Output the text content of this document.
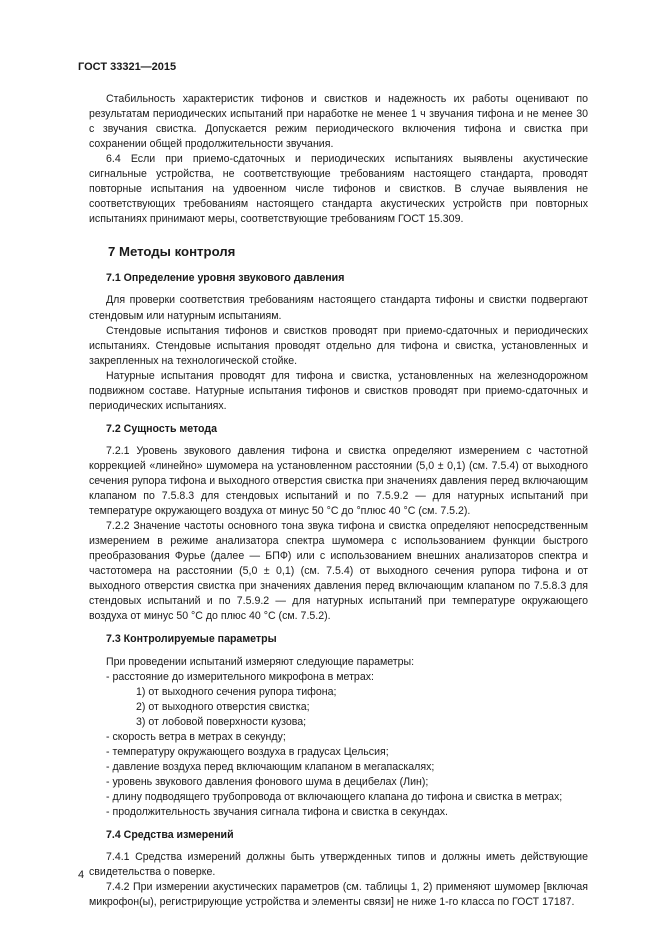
ГОСТ 33321—2015

Стабильность характеристик тифонов и свистков и надежность их работы оценивают по результатам периодических испытаний при наработке не менее 1 ч звучания тифона и не менее 30 с звучания свистка. Допускается режим периодического включения тифона и свистка при сохранении общей продолжительности звучания.

6.4 Если при приемо-сдаточных и периодических испытаниях выявлены акустические сигнальные устройства, не соответствующие требованиям настоящего стандарта, проводят повторные испытания на удвоенном числе тифонов и свистков. В случае выявления не соответствующих требованиям настоящего стандарта акустических устройств при повторных испытаниях принимают меры, соответствующие требованиям ГОСТ 15.309.

7 Методы контроля
7.1 Определение уровня звукового давления

Для проверки соответствия требованиям настоящего стандарта тифоны и свистки подвергают стендовым или натурным испытаниям.

Стендовые испытания тифонов и свистков проводят при приемо-сдаточных и периодических испытаниях. Стендовые испытания проводят отдельно для тифона и свистка, установленных и закрепленных на технологической стойке.

Натурные испытания проводят для тифона и свистка, установленных на железнодорожном подвижном составе. Натурные испытания тифонов и свистков проводят при приемо-сдаточных и периодических испытаниях.

7.2 Сущность метода

7.2.1 Уровень звукового давления тифона и свистка определяют измерением с частотной коррекцией «линейно» шумомера на установленном расстоянии (5,0 ± 0,1) (см. 7.5.4) от выходного сечения рупора тифона и выходного отверстия свистка при значениях давления перед включающим клапаном по 7.5.8.3 для стендовых испытаний и по 7.5.9.2 — для натурных испытаний при температуре окружающего воздуха от минус 50 °С до °плюс 40 °С (см. 7.5.2).

7.2.2 Значение частоты основного тона звука тифона и свистка определяют непосредственным измерением в режиме анализатора спектра шумомера с использованием функции быстрого преобразования Фурье (далее — БПФ) или с использованием внешних анализаторов спектра и частотомера на расстоянии (5,0 ± 0,1) (см. 7.5.4) от выходного сечения рупора тифона и от выходного отверстия свистка при значениях давления перед включающим клапаном по 7.5.8.3 для стендовых испытаний и по 7.5.9.2 — для натурных испытаний при температуре окружающего воздуха от минус 50 °С до плюс 40 °С (см. 7.5.2).

7.3 Контролируемые параметры
При проведении испытаний измеряют следующие параметры:
- расстояние до измерительного микрофона в метрах:
1) от выходного сечения рупора тифона;
2) от выходного отверстия свистка;
3) от лобовой поверхности кузова;
- скорость ветра в метрах в секунду;
- температуру окружающего воздуха в градусах Цельсия;
- давление воздуха перед включающим клапаном в мегапаскалях;
- уровень звукового давления фонового шума в децибелах (Лин);
- длину подводящего трубопровода от включающего клапана до тифона и свистка в метрах;
- продолжительность звучания сигнала тифона и свистка в секундах.
7.4 Средства измерений

7.4.1 Средства измерений должны быть утвержденных типов и должны иметь действующие свидетельства о поверке.

7.4.2 При измерении акустических параметров (см. таблицы 1, 2) применяют шумомер [включая микрофон(ы), регистрирующие устройства и элементы связи] не ниже 1-го класса по ГОСТ 17187.

4
